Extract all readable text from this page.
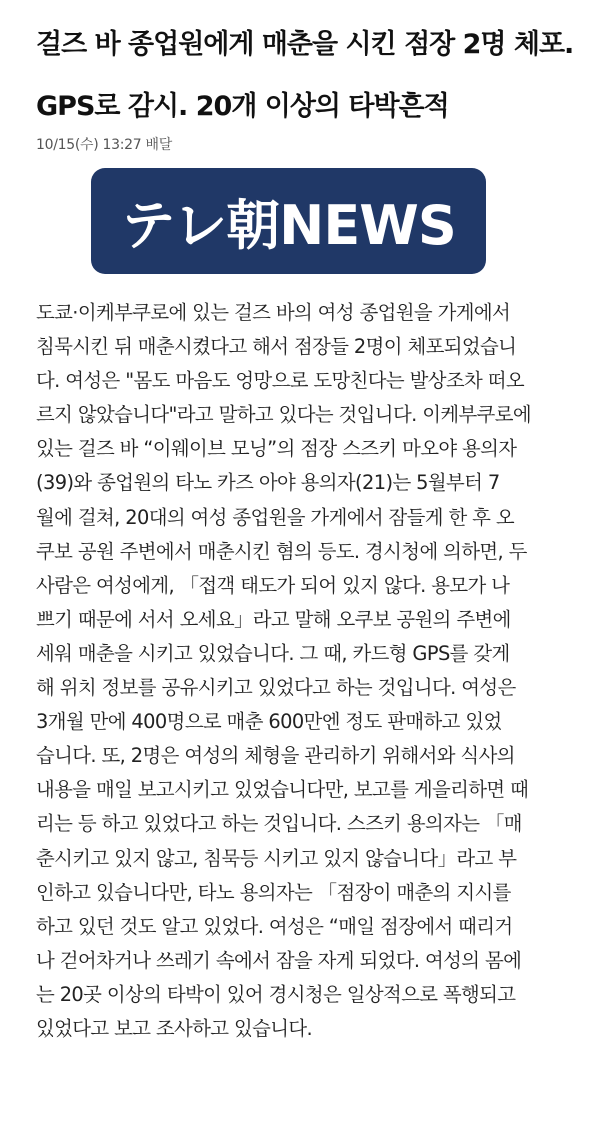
걸즈 바 종업원에게 매춘을 시킨 점장 2명 체포.
GPS로 감시. 20개 이상의 타박흔적
10/15(수) 13:27 배달
テレ朝NEWS
도쿄·이케부쿠로에 있는 걸즈 바의 여성 종업원을 가게에서
침묵시킨 뒤 매춘시켰다고 해서 점장들 2명이 체포되었습니
다. 여성은 "몸도 마음도 엉망으로 도망친다는 발상조차 떠오
르지 않았습니다"라고 말하고 있다는 것입니다. 이케부쿠로에
있는 걸즈 바 “이웨이브 모닝”의 점장 스즈키 마오야 용의자
(39)와 종업원의 타노 카즈 아야 용의자(21)는 5월부터 7
월에 걸쳐, 20대의 여성 종업원을 가게에서 잠들게 한 후 오
쿠보 공원 주변에서 매춘시킨 혐의 등도. 경시청에 의하면, 두
사람은 여성에게, 「접객 태도가 되어 있지 않다. 용모가 나
쁘기 때문에 서서 오세요」라고 말해 오쿠보 공원의 주변에
세워 매춘을 시키고 있었습니다. 그 때, 카드형 GPS를 갖게
해 위치 정보를 공유시키고 있었다고 하는 것입니다. 여성은
3개월 만에 400명으로 매춘 600만엔 정도 판매하고 있었
습니다. 또, 2명은 여성의 체형을 관리하기 위해서와 식사의
내용을 매일 보고시키고 있었습니다만, 보고를 게을리하면 때
리는 등 하고 있었다고 하는 것입니다. 스즈키 용의자는 「매
춘시키고 있지 않고, 침묵등 시키고 있지 않습니다」라고 부
인하고 있습니다만, 타노 용의자는 「점장이 매춘의 지시를
하고 있던 것도 알고 있었다. 여성은 “매일 점장에서 때리거
나 걷어차거나 쓰레기 속에서 잠을 자게 되었다. 여성의 몸에
는 20곳 이상의 타박이 있어 경시청은 일상적으로 폭행되고
있었다고 보고 조사하고 있습니다.
